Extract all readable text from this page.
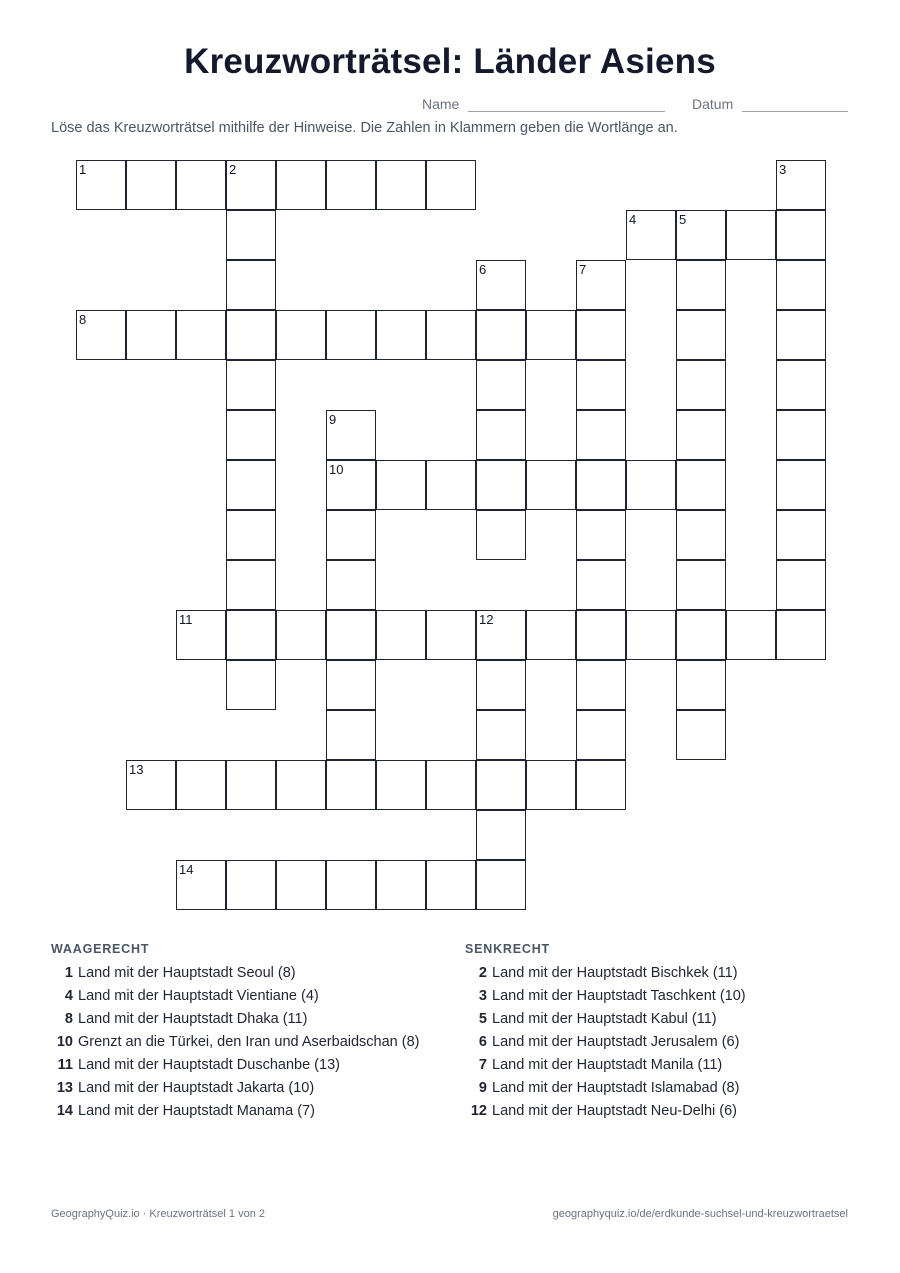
Kreuzworträtsel: Länder Asiens
Name	Datum
Löse das Kreuzworträtsel mithilfe der Hinweise. Die Zahlen in Klammern geben die Wortlänge an.
1	2
4	5
8
10
11	12
13
14
3
6	7
9
WAAGERECHT
1 Land mit der Hauptstadt Seoul (8)
4 Land mit der Hauptstadt Vientiane (4)
8 Land mit der Hauptstadt Dhaka (11)
10 Grenzt an die Türkei, den Iran und Aserbaidschan (8)
11 Land mit der Hauptstadt Duschanbe (13)
13 Land mit der Hauptstadt Jakarta (10)
14 Land mit der Hauptstadt Manama (7)
SENKRECHT
2 Land mit der Hauptstadt Bischkek (11)
3 Land mit der Hauptstadt Taschkent (10)
5 Land mit der Hauptstadt Kabul (11)
6 Land mit der Hauptstadt Jerusalem (6)
7 Land mit der Hauptstadt Manila (11)
9 Land mit der Hauptstadt Islamabad (8)
12 Land mit der Hauptstadt Neu-Delhi (6)
GeographyQuiz.io · Kreuzworträtsel 1 von 2	geographyquiz.io/de/erdkunde-suchsel-und-kreuzwortraetsel
